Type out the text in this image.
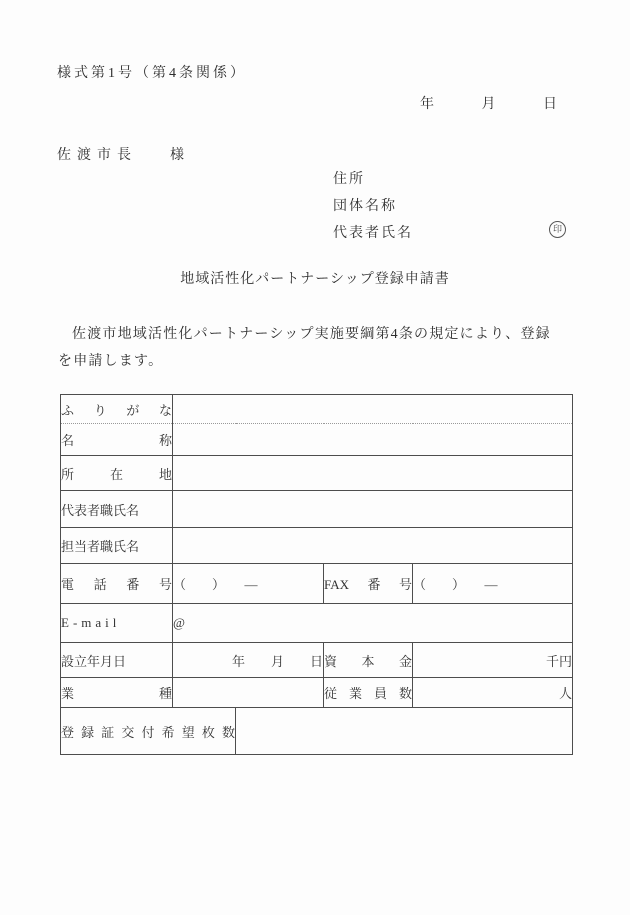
様式第1号（第4条関係）
年	月	日
佐渡市長 様
住所
団体名称
代表者氏名	印
地域活性化パートナーシップ登録申請書
佐渡市地域活性化パートナーシップ実施要綱第4条の規定により、登録
を申請します。
ふりがな				
名称				
所在地				
代表者職氏名				
担当者職氏名				
電話番号	（　　）　　―		FAX番号	（　　）　　―
E-mail	@			
設立年月日	年　　月　　日		資本金	千円
業種			従業員数	人
登録証交付希望枚数				
